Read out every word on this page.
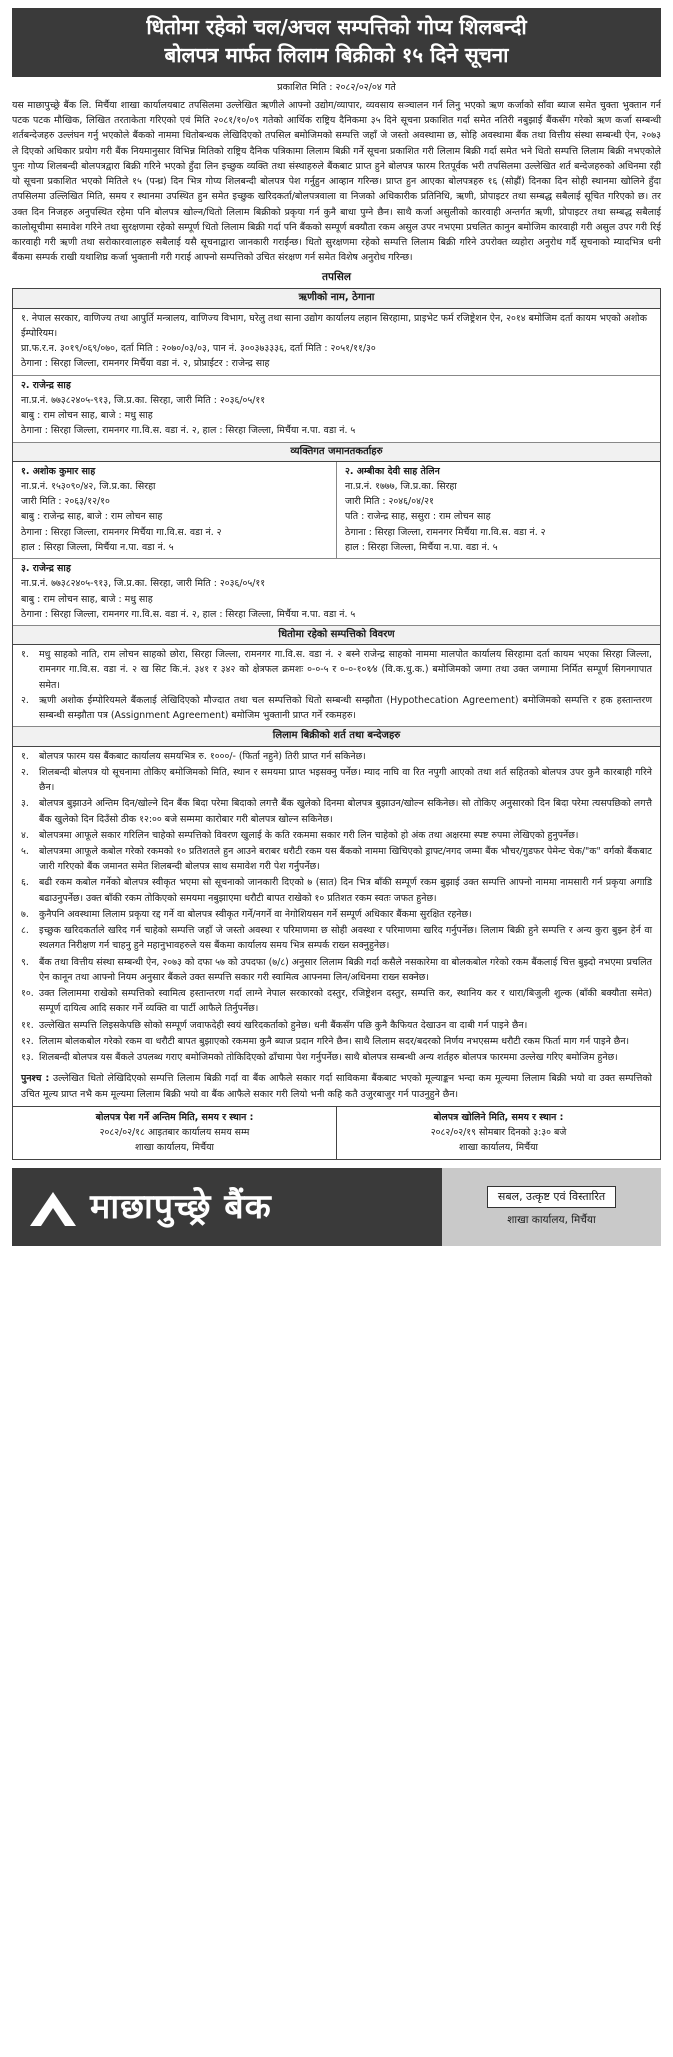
धितोमा रहेको चल/अचल सम्पत्तिको गोप्य शिलबन्दी
बोलपत्र मार्फत लिलाम बिक्रीको १५ दिने सूचना
प्रकाशित मिति : २०८२/०२/०४ गते

यस माछापुच्छ्रे बैंक लि. मिर्चैया शाखा कार्यालयबाट तपसिलमा उल्लेखित ऋणीले आफ्नो उद्योग/व्यापार, व्यवसाय सञ्चालन गर्न लिनु भएको ऋण कर्जाको साँवा ब्याज समेत चुक्ता भुक्तान गर्न पटक पटक मौखिक, लिखित तरताकेता गरिएको एवं मिति २०८१/१०/०९ गतेको आर्थिक राष्ट्रिय दैनिकमा ३५ दिने सूचना प्रकाशित गर्दा समेत नतिरी नबुझाई बैंकसँग गरेको ऋण कर्जा सम्बन्धी शर्तबन्देजहरु उल्लंघन गर्नु भएकोले बैंकको नाममा धितोबन्धक लेखिदिएको तपसिल बमोजिमको सम्पत्ति जहाँ जे जस्तो अवस्थामा छ, सोहि अवस्थामा बैंक तथा वित्तीय संस्था सम्बन्धी ऐन, २०७३ ले दिएको अधिकार प्रयोग गरी बैंक नियमानुसार विभिन्न मितिको राष्ट्रिय दैनिक पत्रिकामा लिलाम बिक्री गर्ने सूचना प्रकाशित गरी लिलाम बिक्री गर्दा समेत भने धितो सम्पत्ति लिलाम बिक्री नभएकोले पुनः गोप्य शिलबन्दी बोलपत्रद्वारा बिक्री गरिने भएको हुँदा लिन इच्छुक व्यक्ति तथा संस्थाहरुले बैंकबाट प्राप्त हुने बोलपत्र फारम रितपूर्वक भरी तपसिलमा उल्लेखित शर्त बन्देजहरुको अधिनमा रही यो सूचना प्रकाशित भएको मितिले १५ (पन्ध्र) दिन भित्र गोप्य शिलबन्दी बोलपत्र पेश गर्नुहुन आव्हान गरिन्छ। प्राप्त हुन आएका बोलपत्रहरु १६ (सोह्रौं) दिनका दिन सोही स्थानमा खोलिने हुँदा तपसिलमा उल्लिखित मिति, समय र स्थानमा उपस्थित हुन समेत इच्छुक खरिदकर्ता/बोलपत्रवाला वा निजको अधिकारीक प्रतिनिधि, ऋणी, प्रोपाइटर तथा सम्बद्ध सबैलाई सूचित गरिएको छ। तर उक्त दिन निजहरु अनुपस्थित रहेमा पनि बोलपत्र खोल्न/धितो लिलाम बिक्रीको प्रकृया गर्न कुनै बाधा पुग्ने छैन। साथै कर्जा असुलीको कारवाही अन्तर्गत ऋणी, प्रोपाइटर तथा सम्बद्ध सबैलाई कालोसूचीमा समावेश गरिने तथा सुरक्षणमा रहेको सम्पूर्ण धितो लिलाम बिक्री गर्दा पनि बैंकको सम्पूर्ण बक्यौता रकम असुल उपर नभएमा प्रचलित कानुन बमोजिम कारवाही गरी असुल उपर गरी रिई कारवाही गरी ऋणी तथा सरोकारवालाहरु सबैलाई यसै सूचनाद्वारा जानकारी गराईन्छ। धितो सुरक्षणमा रहेको सम्पत्ति लिलाम बिक्री गरिने उपरोक्त व्यहोरा अनुरोध गर्दै सूचनाको म्यादभित्र धनी बैंकमा सम्पर्क राखी यथाशिघ्र कर्जा भुक्तानी गरी गराई आफ्नो सम्पत्तिको उचित संरक्षण गर्न समेत विशेष अनुरोध गरिन्छ।

तपसिल
ऋणीको नाम, ठेगाना
१. नेपाल सरकार, वाणिज्य तथा आपुर्ति मन्त्रालय, वाणिज्य विभाग, घरेलु तथा साना उद्योग कार्यालय लहान सिरहामा, प्राइभेट फर्म रजिष्ट्रेशन ऐन, २०१४ बमोजिम दर्ता कायम भएको अशोक ईम्पोरियम।
प्रा.फ.र.न. ३०१९/०६९/०७०, दर्ता मिति : २०७०/०३/०३, पान नं. ३००३७३३३६, दर्ता मिति : २०५१/११/३०
ठेगाना : सिरहा जिल्ला, रामनगर मिर्चैया वडा नं. २, प्रोप्राईटर : राजेन्द्र साह
२. राजेन्द्र साह
ना.प्र.नं. ७७३८२४०५-९१३, जि.प्र.का. सिरहा, जारी मिति : २०३६/०५/११
बाबु : राम लोचन साह, बाजे : मधु साह
ठेगाना : सिरहा जिल्ला, रामनगर गा.वि.स. वडा नं. २, हाल : सिरहा जिल्ला, मिर्चैया न.पा. वडा नं. ५
व्यक्तिगत जमानतकर्ताहरु
१. अशोक कुमार साह
ना.प्र.नं. १५३०९०/४२, जि.प्र.का. सिरहा
जारी मिति : २०६३/१२/१०
बाबु : राजेन्द्र साह, बाजे : राम लोचन साह
ठेगाना : सिरहा जिल्ला, रामनगर मिर्चैया गा.वि.स. वडा नं. २
हाल : सिरहा जिल्ला, मिर्चैया न.पा. वडा नं. ५
२. अम्बीका देवी साह तेलिन
ना.प्र.नं. १७७७, जि.प्र.का. सिरहा
जारी मिति : २०४६/०४/२१
पति : राजेन्द्र साह, ससुरा : राम लोचन साह
ठेगाना : सिरहा जिल्ला, रामनगर मिर्चैया गा.वि.स. वडा नं. २
हाल : सिरहा जिल्ला, मिर्चैया न.पा. वडा नं. ५
३. राजेन्द्र साह
ना.प्र.नं. ७७३८२४०५-९१३, जि.प्र.का. सिरहा, जारी मिति : २०३६/०५/११
बाबु : राम लोचन साह, बाजे : मधु साह
ठेगाना : सिरहा जिल्ला, रामनगर गा.वि.स. वडा नं. २, हाल : सिरहा जिल्ला, मिर्चैया न.पा. वडा नं. ५
धितोमा रहेको सम्पत्तिको विवरण
१.	मधु साहको नाति, राम लोचन साहको छोरा, सिरहा जिल्ला, रामनगर गा.वि.स. वडा नं. २ बस्ने राजेन्द्र साहको नाममा मालपोत कार्यालय सिरहामा दर्ता कायम भएका सिरहा जिल्ला, रामनगर गा.वि.स. वडा नं. २ ख सिट कि.नं. ३४१ र ३४२ को क्षेत्रफल क्रमशः ०-०-५ र ०-०-१०१⁄४ (वि.क.धु.क.) बमोजिमको जग्गा तथा उक्त जग्गामा निर्मित सम्पूर्ण सिगनगापात समेत।
२.	ऋणी अशोक ईम्पोरियमले बैंकलाई लेखिदिएको मौज्दात तथा चल सम्पत्तिको धितो सम्बन्धी सम्झौता (Hypothecation Agreement) बमोजिमको सम्पत्ति र हक हस्तान्तरण सम्बन्धी सम्झौता पत्र (Assignment Agreement) बमोजिम भुक्तानी प्राप्त गर्ने रकमहरु।
लिलाम बिक्रीको शर्त तथा बन्देजहरु
१.	बोलपत्र फारम यस बैंकबाट कार्यालय समयभित्र रु. १०००/- (फिर्ता नहुने) तिरी प्राप्त गर्न सकिनेछ।
२.	शिलबन्दी बोलपत्र यो सूचनामा तोकिए बमोजिमको मिति, स्थान र समयमा प्राप्त भइसक्नु पर्नेछ। म्याद नाघि वा रित नपुगी आएको तथा शर्त सहितको बोलपत्र उपर कुनै कारबाही गरिने छैन।
३.	बोलपत्र बुझाउने अन्तिम दिन/खोल्ने दिन बैंक बिदा परेमा बिदाको लगत्तै बैंक खुलेको दिनमा बोलपत्र बुझाउन/खोल्न सकिनेछ। सो तोकिए अनुसारको दिन बिदा परेमा त्यसपछिको लगत्तै बैंक खुलेको दिन दिउँसो ठीक १२:०० बजे सम्ममा कारोबार गरी बोलपत्र खोल्न सकिनेछ।
४.	बोलपत्रमा आफूले सकार गरिलिन चाहेको सम्पत्तिको विवरण खुलाई के कति रकममा सकार गरी लिन चाहेको हो अंक तथा अक्षरमा स्पष्ट रुपमा लेखिएको हुनुपर्नेछ।
५.	बोलपत्रमा आफूले कबोल गरेको रकमको १० प्रतिशतले हुन आउने बराबर धरौटी रकम यस बैंकको नाममा खिचिएको ड्राफ्ट/नगद जम्मा बैंक भौचर/गुडफर पेमेन्ट चेक/"क" वर्गको बैंकबाट जारी गरिएको बैंक जमानत समेत शिलबन्दी बोलपत्र साथ समावेश गरी पेश गर्नुपर्नेछ।
६.	बढी रकम कबोल गर्नेको बोलपत्र स्वीकृत भएमा सो सूचनाको जानकारी दिएको ७ (सात) दिन भित्र बाँकी सम्पूर्ण रकम बुझाई उक्त सम्पत्ति आफ्नो नाममा नामसारी गर्न प्रकृया अगाडि बढाउनुपर्नेछ। उक्त बाँकी रकम तोकिएको समयमा नबुझाएमा धरौटी बापत राखेको १० प्रतिशत रकम स्वतः जफत हुनेछ।
७.	कुनैपनि अवस्थामा लिलाम प्रकृया रद्द गर्ने वा बोलपत्र स्वीकृत गर्ने/नगर्ने वा नेगोशियसन गर्ने सम्पूर्ण अधिकार बैंकमा सुरक्षित रहनेछ।
८.	इच्छुक खरिदकर्ताले खरिद गर्न चाहेको सम्पत्ति जहाँ जे जस्तो अवस्था र परिमाणमा छ सोही अवस्था र परिमाणमा खरिद गर्नुपर्नेछ। लिलाम बिक्री हुने सम्पत्ति र अन्य कुरा बुझ्न हेर्न वा स्थलगत निरीक्षण गर्न चाहनु हुने महानुभावहरुले यस बैंकमा कार्यालय समय भित्र सम्पर्क राख्न सक्नुहुनेछ।
९.	बैंक तथा वित्तीय संस्था सम्बन्धी ऐन, २०७३ को दफा ५७ को उपदफा (७/८) अनुसार लिलाम बिक्री गर्दा कसैले नसकारेमा वा बोलकबोल गरेको रकम बैंकलाई चित्त बुझ्दो नभएमा प्रचलित ऐन कानून तथा आफ्नो नियम अनुसार बैंकले उक्त सम्पत्ति सकार गरी स्वामित्व आफ्नमा लिन/अधिनमा राख्न सक्नेछ।
१०. उक्त लिलाममा राखेको सम्पत्तिको स्वामित्व हस्तान्तरण गर्दा लाग्ने नेपाल सरकारको दस्तुर, रजिष्ट्रेशन दस्तुर, सम्पत्ति कर, स्थानिय कर र धारा/बिजुली शुल्क (बाँकी बक्यौता समेत) सम्पूर्ण दायित्व आदि सकार गर्ने व्यक्ति वा पार्टी आफैले तिर्नुपर्नेछ।
११. उल्लेखित सम्पत्ति लिइसकेपछि सोको सम्पूर्ण जवाफदेही स्वयं खरिदकर्ताको हुनेछ। धनी बैंकसँग पछि कुनै कैफियत देखाउन वा दाबी गर्न पाइने छैन।
१२. लिलाम बोलकबोल गरेको रकम वा धरौटी बापत बुझाएको रकममा कुनै ब्याज प्रदान गरिने छैन। साथै लिलाम सदर/बदरको निर्णय नभएसम्म धरौटी रकम फिर्ता माग गर्न पाइने छैन।
१३. शिलबन्दी बोलपत्र यस बैंकले उपलब्ध गराए बमोजिमको तोकिदिएको ढाँचामा पेश गर्नुपर्नेछ। साथै बोलपत्र सम्बन्धी अन्य शर्तहरु बोलपत्र फारममा उल्लेख गरिए बमोजिम हुनेछ।
पुनश्च : उल्लेखित धितो लेखिदिएको सम्पत्ति लिलाम बिक्री गर्दा वा बैंक आफैले सकार गर्दा साविकमा बैंकबाट भएको मूल्याङ्कन भन्दा कम मूल्यमा लिलाम बिक्री भयो वा उक्त सम्पत्तिको उचित मूल्य प्राप्त नभै कम मूल्यमा लिलाम बिक्री भयो वा बैंक आफैले सकार गरी लियो भनी कहि कतै उजुरबाजुर गर्न पाउनुहुने छैन।
बोलपत्र पेश गर्ने अन्तिम मिति, समय र स्थान :
२०८२/०२/१८ आइतबार कार्यालय समय सम्म
शाखा कार्यालय, मिर्चैया
बोलपत्र खोलिने मिति, समय र स्थान :
२०८२/०२/१९ सोमबार दिनको ३:३० बजे
शाखा कार्यालय, मिर्चैया
माछापुच्छ्रे बैंक	सबल, उत्कृष्ट एवं विस्तारित
शाखा कार्यालय, मिर्चैया
